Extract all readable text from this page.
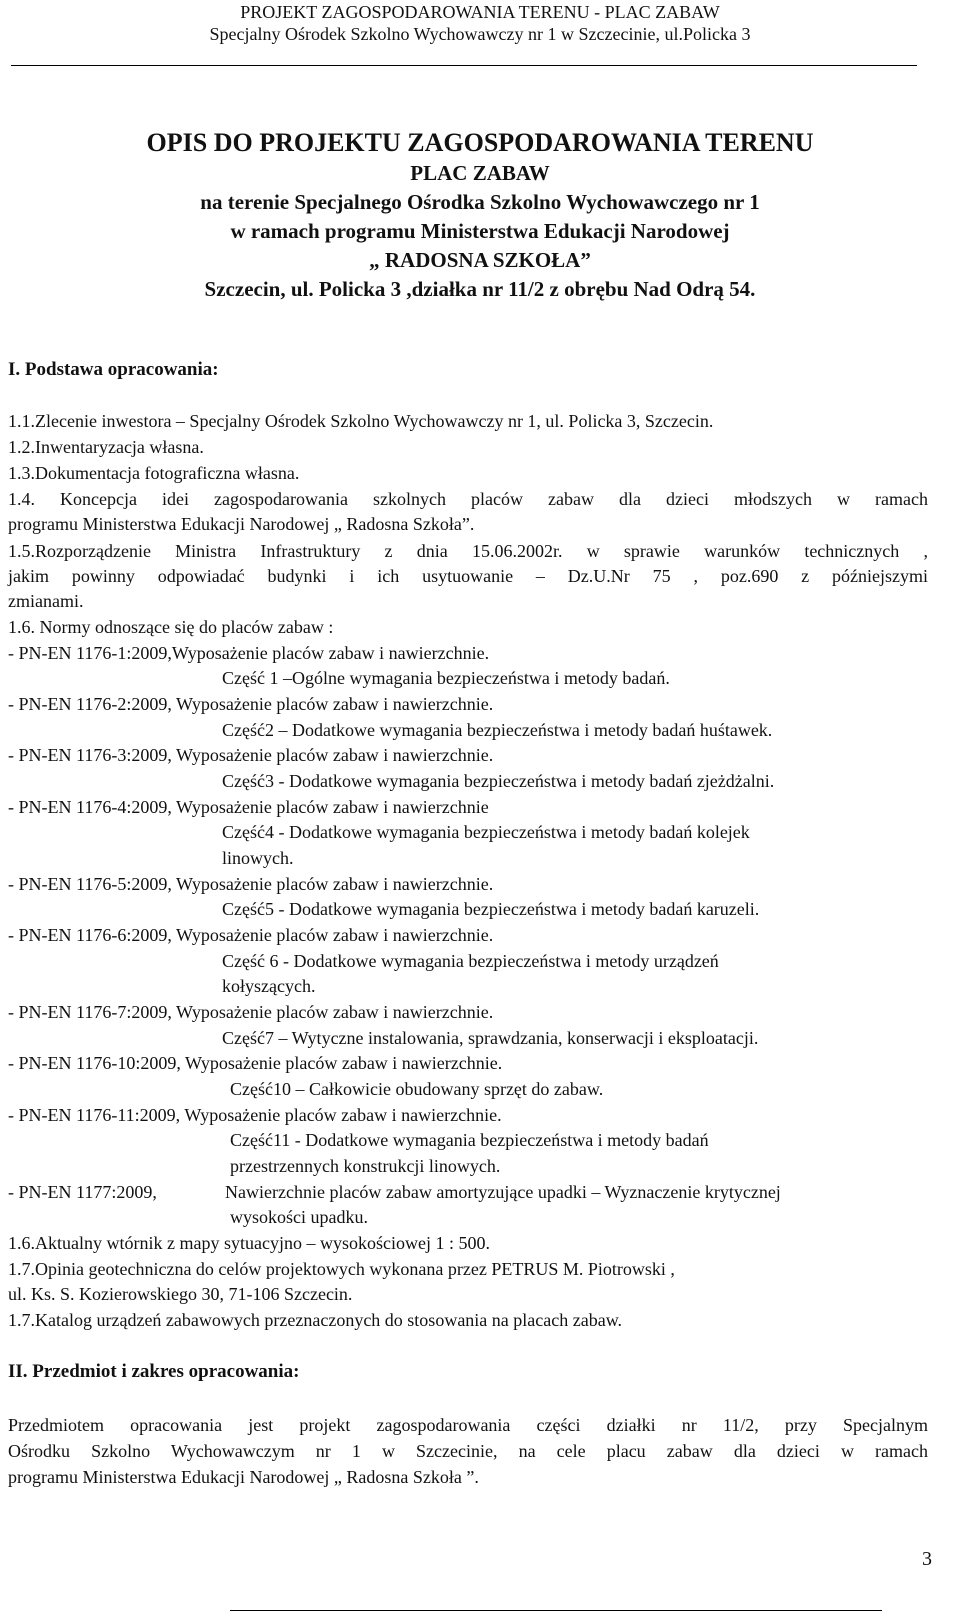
PROJEKT ZAGOSPODAROWANIA TERENU - PLAC ZABAW
Specjalny Ośrodek Szkolno Wychowawczy nr 1 w Szczecinie, ul.Policka 3
OPIS DO PROJEKTU ZAGOSPODAROWANIA TERENU
PLAC ZABAW
na terenie Specjalnego Ośrodka Szkolno Wychowawczego nr 1
w ramach programu Ministerstwa Edukacji Narodowej
„ RADOSNA SZKOŁA”
Szczecin, ul. Policka 3 ,działka nr 11/2 z obrębu Nad Odrą 54.
I. Podstawa opracowania:
1.1.Zlecenie inwestora – Specjalny Ośrodek Szkolno Wychowawczy nr 1, ul. Policka 3, Szczecin.
1.2.Inwentaryzacja własna.
1.3.Dokumentacja fotograficzna własna.
1.4. Koncepcja idei zagospodarowania szkolnych placów zabaw dla dzieci młodszych w ramach
programu Ministerstwa Edukacji Narodowej „ Radosna Szkoła”.
1.5.Rozporządzenie Ministra Infrastruktury z dnia 15.06.2002r. w sprawie warunków technicznych ,
jakim powinny odpowiadać budynki i ich usytuowanie – Dz.U.Nr 75 , poz.690 z późniejszymi
zmianami.
1.6. Normy odnoszące się do placów zabaw :
- PN-EN 1176-1:2009,Wyposażenie placów zabaw i nawierzchnie.
Część 1 –Ogólne wymagania bezpieczeństwa i metody badań.
- PN-EN 1176-2:2009, Wyposażenie placów zabaw i nawierzchnie.
Część2 – Dodatkowe wymagania bezpieczeństwa i metody badań huśtawek.
- PN-EN 1176-3:2009, Wyposażenie placów zabaw i nawierzchnie.
Część3 - Dodatkowe wymagania bezpieczeństwa i metody badań zjeżdżalni.
- PN-EN 1176-4:2009, Wyposażenie placów zabaw i nawierzchnie
Część4 - Dodatkowe wymagania bezpieczeństwa i metody badań kolejek
linowych.
- PN-EN 1176-5:2009, Wyposażenie placów zabaw i nawierzchnie.
Część5 - Dodatkowe wymagania bezpieczeństwa i metody badań karuzeli.
- PN-EN 1176-6:2009, Wyposażenie placów zabaw i nawierzchnie.
Część 6 - Dodatkowe wymagania bezpieczeństwa i metody urządzeń
kołyszących.
- PN-EN 1176-7:2009, Wyposażenie placów zabaw i nawierzchnie.
Część7 – Wytyczne instalowania, sprawdzania, konserwacji i eksploatacji.
- PN-EN 1176-10:2009, Wyposażenie placów zabaw i nawierzchnie.
Część10 – Całkowicie obudowany sprzęt do zabaw.
- PN-EN 1176-11:2009, Wyposażenie placów zabaw i nawierzchnie.
Część11 - Dodatkowe wymagania bezpieczeństwa i metody badań
przestrzennych konstrukcji linowych.
- PN-EN 1177:2009,	Nawierzchnie placów zabaw amortyzujące upadki – Wyznaczenie krytycznej
wysokości upadku.
1.6.Aktualny wtórnik z mapy sytuacyjno – wysokościowej 1 : 500.
1.7.Opinia geotechniczna do celów projektowych wykonana przez PETRUS M. Piotrowski ,
ul. Ks. S. Kozierowskiego 30, 71-106 Szczecin.
1.7.Katalog urządzeń zabawowych przeznaczonych do stosowania na placach zabaw.
II. Przedmiot i zakres opracowania:
Przedmiotem opracowania jest projekt zagospodarowania części działki nr 11/2, przy Specjalnym
Ośrodku Szkolno Wychowawczym nr 1 w Szczecinie, na cele placu zabaw dla dzieci w ramach
programu Ministerstwa Edukacji Narodowej „ Radosna Szkoła ”.
3
